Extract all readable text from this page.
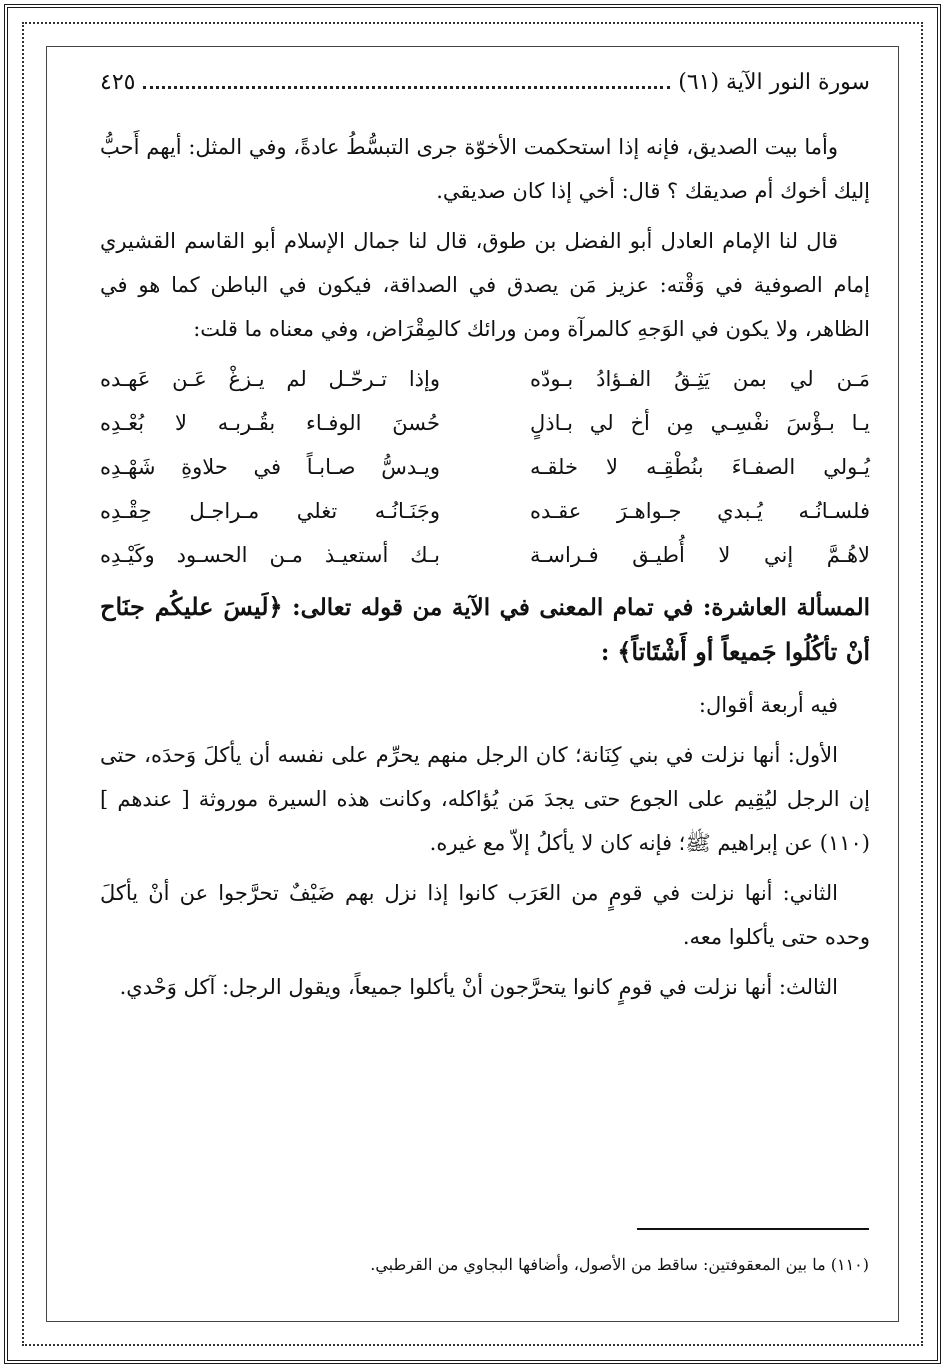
سورة النور الآية (٦١)
٤٢٥

وأما بيت الصديق، فإنه إذا استحكمت الأخوّة جرى التبسُّطُ عادةً، وفي المثل: أيهم أَحبُّ إليك أخوك أم صديقك ؟ قال: أخي إذا كان صديقي.

قال لنا الإمام العادل أبو الفضل بن طوق، قال لنا جمال الإسلام أبو القاسم القشيري إمام الصوفية في وَقْته: عزيز مَن يصدق في الصداقة، فيكون في الباطن كما هو في الظاهر، ولا يكون في الوَجهِ كالمرآة ومن ورائك كالمِقْرَاض، وفي معناه ما قلت:

مَـن لي بمن يَثِـقُ الفـؤادُ بـودّه
وإذا تـرحّـل لم يـزغْ عَـن عَهـده
يـا بـؤْسَ نفْسِـي مِن أخ لي بـاذلٍ
حُسنَ الوفـاء بقُـربـه لا بُعْـدِه
يُـولي الصفـاءَ بنُطْقِـه لا خلقـه
ويـدسُّ صـابـاً في حلاوةِ شَهْـدِه
فلسـانُـه يُـبدي جـواهـرَ عقـده
وجَنَـانُـه تغلي مـراجـل حِقْـدِه
لاهُـمَّ إني لا أُطيـق فـراسـة
بـك أستعيـذ مـن الحسـود وكَيْـدِه
المسألة العاشرة: في تمام المعنى في الآية من قوله تعالى: ﴿لَيسَ عليكُم جنَاح أنْ تأكُلُوا جَميعاً أو أَشْتَاتاً﴾ :

فيه أربعة أقوال:

الأول: أنها نزلت في بني كِنَانة؛ كان الرجل منهم يحرِّم على نفسه أن يأكلَ وَحدَه، حتى إن الرجل ليُقِيم على الجوع حتى يجدَ مَن يُؤاكله، وكانت هذه السيرة موروثة [ عندهم ] (١١٠) عن إبراهيم ﷺ؛ فإنه كان لا يأكلُ إلاّ مع غيره.

الثاني: أنها نزلت في قومٍ من العَرَب كانوا إذا نزل بهم ضَيْفٌ تحرَّجوا عن أنْ يأكلَ وحده حتى يأكلوا معه.

الثالث: أنها نزلت في قومٍ كانوا يتحرَّجون أنْ يأكلوا جميعاً، ويقول الرجل: آكل وَحْدي.

(١١٠) ما بين المعقوفتين: ساقط من الأصول، وأضافها البجاوي من القرطبي.
